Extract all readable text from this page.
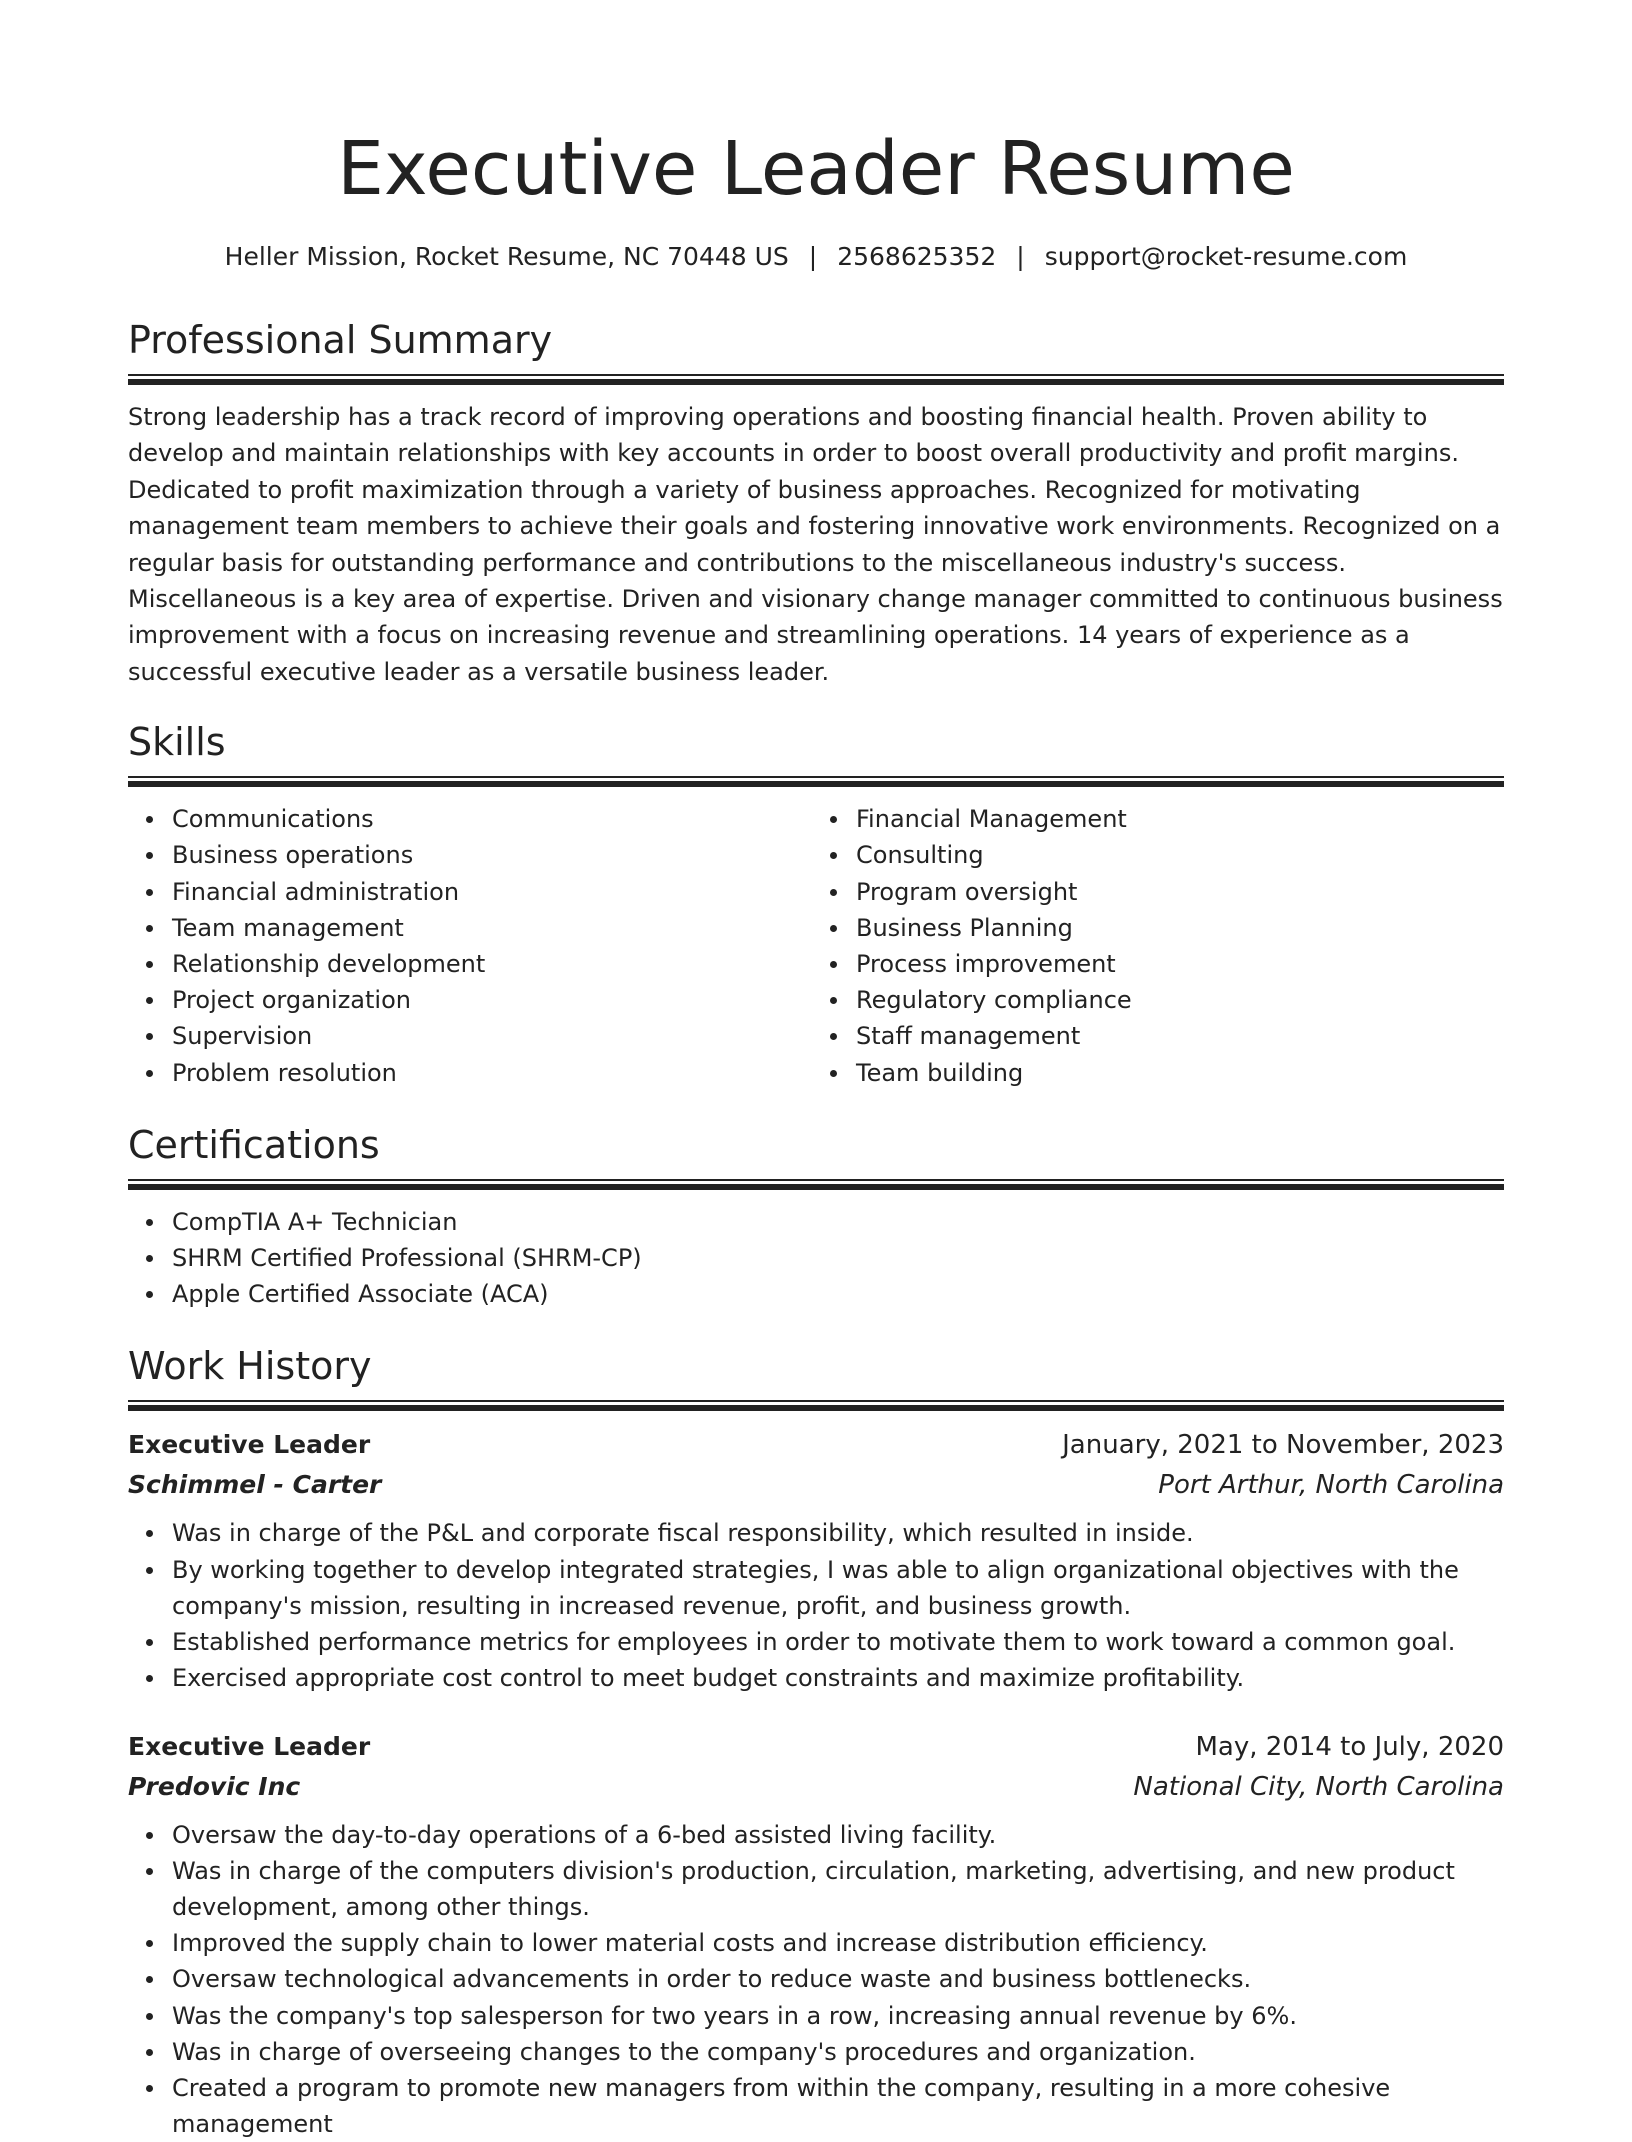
Executive Leader Resume
Heller Mission, Rocket Resume, NC 70448 US | 2568625352 | support@rocket-resume.com
Professional Summary

Strong leadership has a track record of improving operations and boosting financial health. Proven ability to develop and maintain relationships with key accounts in order to boost overall productivity and profit margins. Dedicated to profit maximization through a variety of business approaches. Recognized for motivating management team members to achieve their goals and fostering innovative work environments. Recognized on a regular basis for outstanding performance and contributions to the miscellaneous industry's success. Miscellaneous is a key area of expertise. Driven and visionary change manager committed to continuous business improvement with a focus on increasing revenue and streamlining operations. 14 years of experience as a successful executive leader as a versatile business leader.

Skills
Communications
Business operations
Financial administration
Team management
Relationship development
Project organization
Supervision
Problem resolution
Financial Management
Consulting
Program oversight
Business Planning
Process improvement
Regulatory compliance
Staff management
Team building
Certifications
CompTIA A+ Technician
SHRM Certified Professional (SHRM-CP)
Apple Certified Associate (ACA)
Work History
Executive Leader	January, 2021 to November, 2023
Schimmel - Carter	Port Arthur, North Carolina
Was in charge of the P&L and corporate fiscal responsibility, which resulted in inside.
By working together to develop integrated strategies, I was able to align organizational objectives with the company's mission, resulting in increased revenue, profit, and business growth.
Established performance metrics for employees in order to motivate them to work toward a common goal.
Exercised appropriate cost control to meet budget constraints and maximize profitability.
Executive Leader	May, 2014 to July, 2020
Predovic Inc	National City, North Carolina
Oversaw the day-to-day operations of a 6-bed assisted living facility.
Was in charge of the computers division's production, circulation, marketing, advertising, and new product development, among other things.
Improved the supply chain to lower material costs and increase distribution efficiency.
Oversaw technological advancements in order to reduce waste and business bottlenecks.
Was the company's top salesperson for two years in a row, increasing annual revenue by 6%.
Was in charge of overseeing changes to the company's procedures and organization.
Created a program to promote new managers from within the company, resulting in a more cohesive management
